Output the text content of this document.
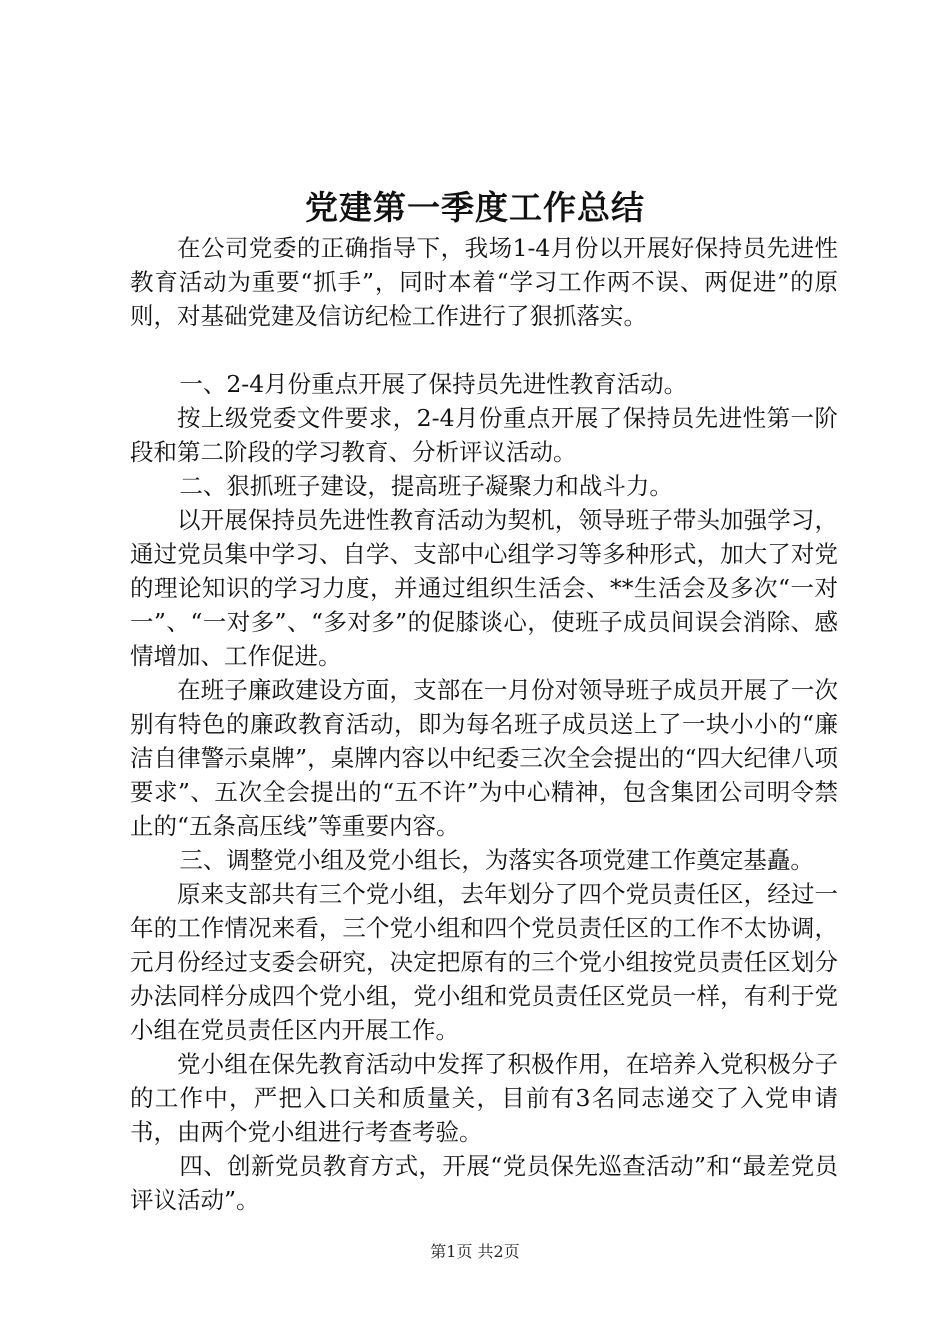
党建第一季度工作总结

在公司党委的正确指导下，我场1-4月份以开展好保持员先进性教育活动为重要“抓手”，同时本着“学习工作两不误、两促进”的原则，对基础党建及信访纪检工作进行了狠抓落实。

一、2-4月份重点开展了保持员先进性教育活动。

按上级党委文件要求，2-4月份重点开展了保持员先进性第一阶段和第二阶段的学习教育、分析评议活动。

二、狠抓班子建设，提高班子凝聚力和战斗力。

以开展保持员先进性教育活动为契机，领导班子带头加强学习，通过党员集中学习、自学、支部中心组学习等多种形式，加大了对党的理论知识的学习力度，并通过组织生活会、**生活会及多次“一对一”、“一对多”、“多对多”的促膝谈心，使班子成员间误会消除、感情增加、工作促进。

在班子廉政建设方面，支部在一月份对领导班子成员开展了一次别有特色的廉政教育活动，即为每名班子成员送上了一块小小的“廉洁自律警示桌牌”，桌牌内容以中纪委三次全会提出的“四大纪律八项要求”、五次全会提出的“五不许”为中心精神，包含集团公司明令禁止的“五条高压线”等重要内容。

三、调整党小组及党小组长，为落实各项党建工作奠定基矗。

原来支部共有三个党小组，去年划分了四个党员责任区，经过一年的工作情况来看，三个党小组和四个党员责任区的工作不太协调，元月份经过支委会研究，决定把原有的三个党小组按党员责任区划分办法同样分成四个党小组，党小组和党员责任区党员一样，有利于党小组在党员责任区内开展工作。

党小组在保先教育活动中发挥了积极作用，在培养入党积极分子的工作中，严把入口关和质量关，目前有3名同志递交了入党申请书，由两个党小组进行考查考验。

四、创新党员教育方式，开展“党员保先巡查活动”和“最差党员评议活动”。

第1页 共2页
